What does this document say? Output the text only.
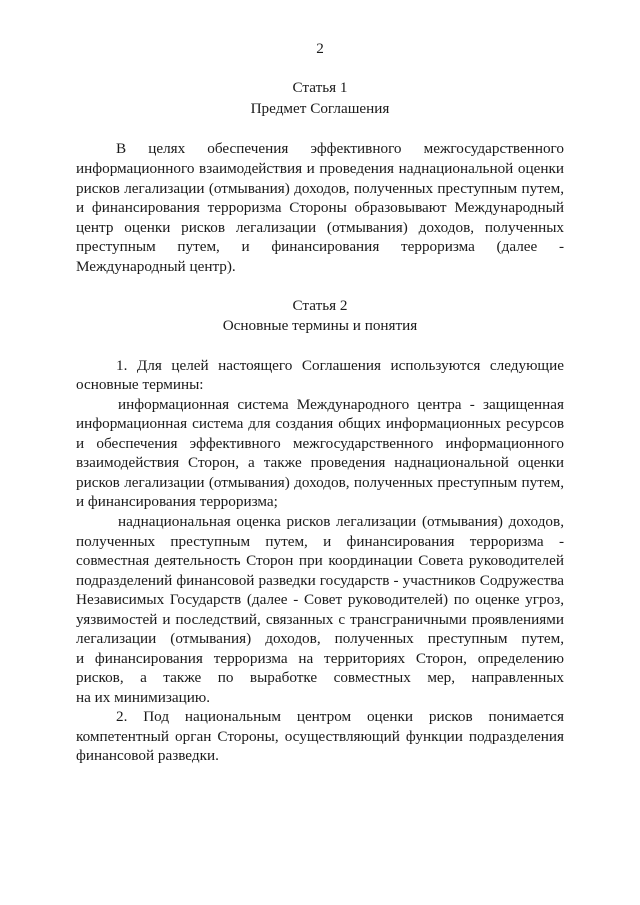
2
Статья 1
Предмет Соглашения
В целях обеспечения эффективного межгосударственного
информационного взаимодействия и проведения наднациональной оценки
рисков легализации (отмывания) доходов, полученных преступным путем,
и финансирования терроризма Стороны образовывают Международный
центр оценки рисков легализации (отмывания) доходов, полученных
преступным путем, и финансирования терроризма (далее -
Международный центр).
Статья 2
Основные термины и понятия
1. Для целей настоящего Соглашения используются следующие
основные термины:
информационная система Международного центра - защищенная
информационная система для создания общих информационных ресурсов
и обеспечения эффективного межгосударственного информационного
взаимодействия Сторон, а также проведения наднациональной оценки
рисков легализации (отмывания) доходов, полученных преступным путем,
и финансирования терроризма;
наднациональная оценка рисков легализации (отмывания) доходов,
полученных преступным путем, и финансирования терроризма -
совместная деятельность Сторон при координации Совета руководителей
подразделений финансовой разведки государств - участников Содружества
Независимых Государств (далее - Совет руководителей) по оценке угроз,
уязвимостей и последствий, связанных с трансграничными проявлениями
легализации (отмывания) доходов, полученных преступным путем,
и финансирования терроризма на территориях Сторон, определению
рисков, а также по выработке совместных мер, направленных
на их минимизацию.
2. Под национальным центром оценки рисков понимается
компетентный орган Стороны, осуществляющий функции подразделения
финансовой разведки.
